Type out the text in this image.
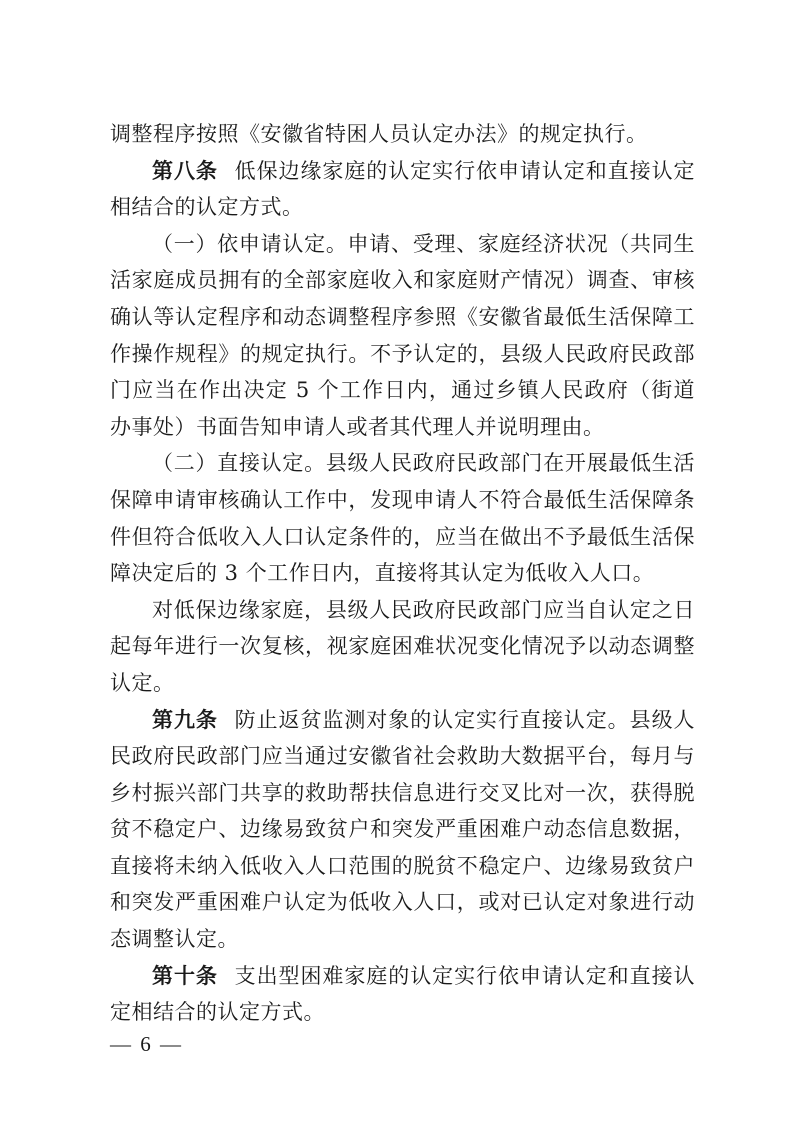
调整程序按照《安徽省特困人员认定办法》的规定执行。

第八条 低保边缘家庭的认定实行依申请认定和直接认定相结合的认定方式。

（一）依申请认定。申请、受理、家庭经济状况（共同生活家庭成员拥有的全部家庭收入和家庭财产情况）调查、审核确认等认定程序和动态调整程序参照《安徽省最低生活保障工作操作规程》的规定执行。不予认定的，县级人民政府民政部门应当在作出决定 5 个工作日内，通过乡镇人民政府（街道办事处）书面告知申请人或者其代理人并说明理由。

（二）直接认定。县级人民政府民政部门在开展最低生活保障申请审核确认工作中，发现申请人不符合最低生活保障条件但符合低收入人口认定条件的，应当在做出不予最低生活保障决定后的 3 个工作日内，直接将其认定为低收入人口。

对低保边缘家庭，县级人民政府民政部门应当自认定之日起每年进行一次复核，视家庭困难状况变化情况予以动态调整认定。

第九条 防止返贫监测对象的认定实行直接认定。县级人民政府民政部门应当通过安徽省社会救助大数据平台，每月与乡村振兴部门共享的救助帮扶信息进行交叉比对一次，获得脱贫不稳定户、边缘易致贫户和突发严重困难户动态信息数据，直接将未纳入低收入人口范围的脱贫不稳定户、边缘易致贫户和突发严重困难户认定为低收入人口，或对已认定对象进行动态调整认定。

第十条 支出型困难家庭的认定实行依申请认定和直接认定相结合的认定方式。

— 6 —
